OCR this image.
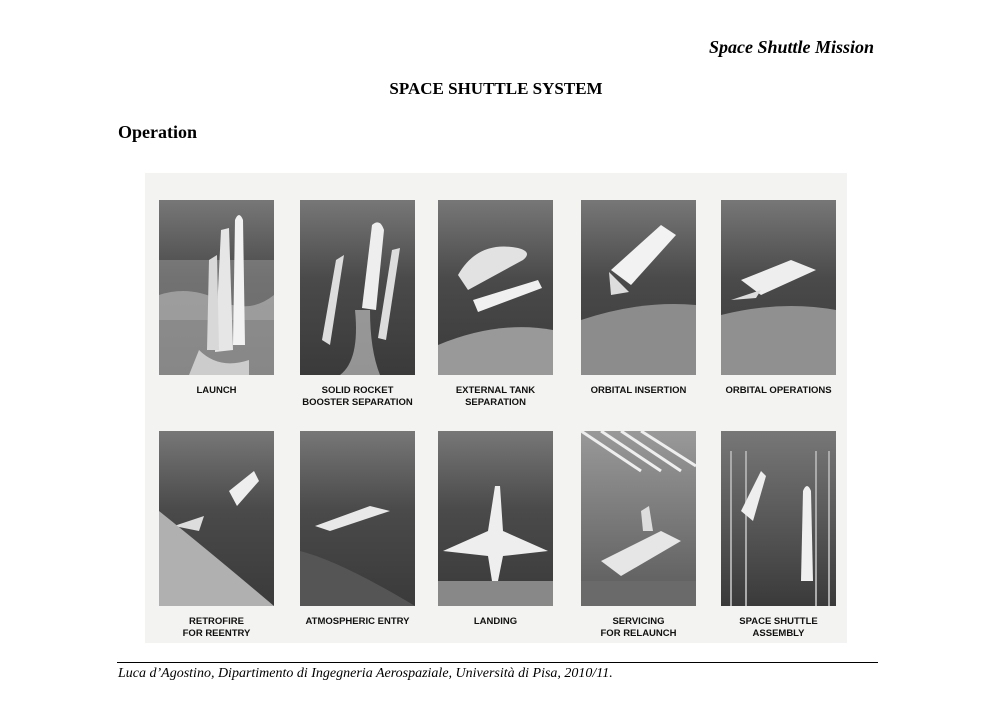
Space Shuttle Mission
SPACE SHUTTLE SYSTEM
Operation
LAUNCH	SOLID ROCKET
BOOSTER SEPARATION
EXTERNAL TANK
SEPARATION
ORBITAL INSERTION	ORBITAL OPERATIONS
RETROFIRE
FOR REENTRY
ATMOSPHERIC ENTRY	LANDING	SERVICING
FOR RELAUNCH
SPACE SHUTTLE
ASSEMBLY
Luca d’Agostino, Dipartimento di Ingegneria Aerospaziale, Università di Pisa, 2010/11.
